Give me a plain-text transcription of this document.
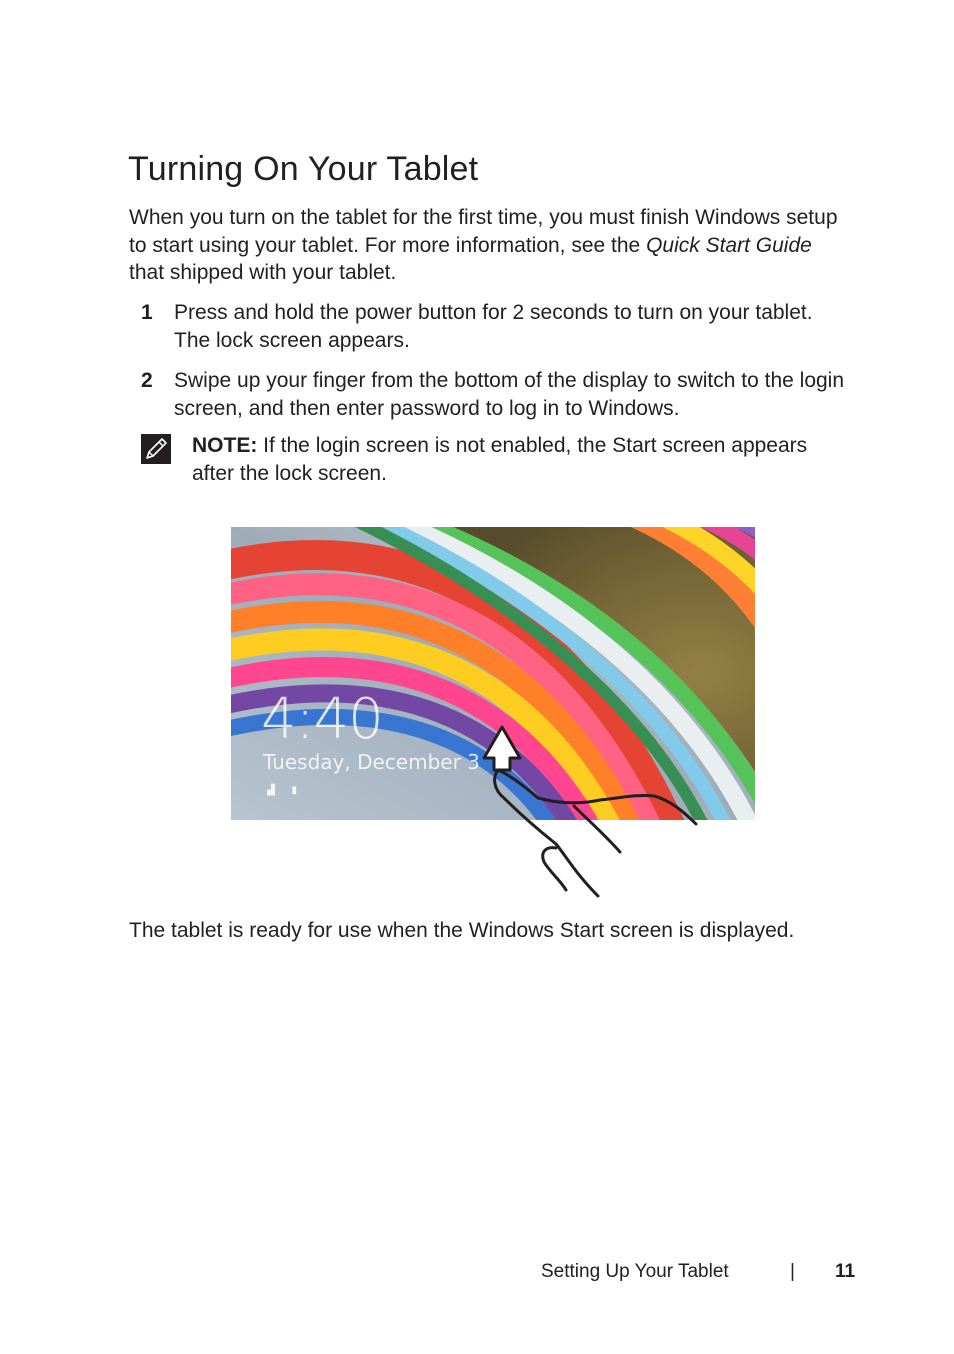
Turning On Your Tablet

When you turn on the tablet for the first time, you must finish Windows setup to start using your tablet. For more information, see the Quick Start Guide that shipped with your tablet.

1 Press and hold the power button for 2 seconds to turn on your tablet. The lock screen appears.
2 Swipe up your finger from the bottom of the display to switch to the login screen, and then enter password to log in to Windows.
NOTE: If the login screen is not enabled, the Start screen appears after the lock screen.
4:40
Tuesday, December 3
▟ ▮

The tablet is ready for use when the Windows Start screen is displayed.

Setting Up Your Tablet	| 11
